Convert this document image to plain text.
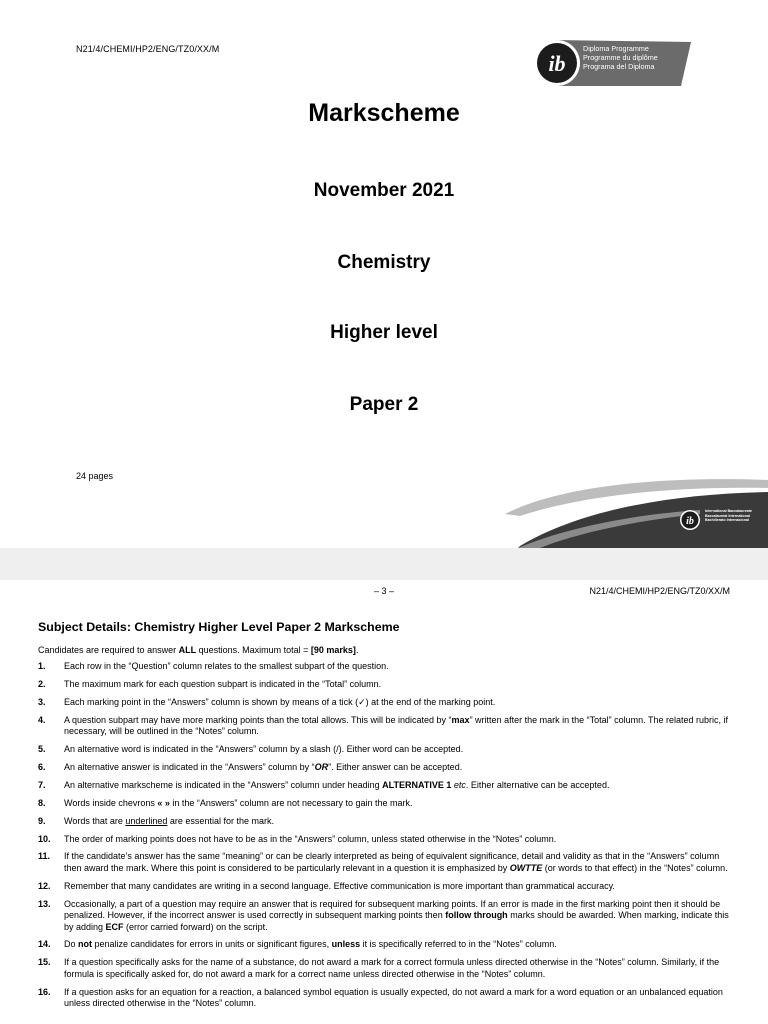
N21/4/CHEMI/HP2/ENG/TZ0/XX/M
ib
Diploma Programme
Programme du diplôme
Programa del Diploma
Markscheme
November 2021
Chemistry
Higher level
Paper 2
24 pages
ib
International Baccalaureate
Baccalauréat International
Bachillerato Internacional
– 3 –	N21/4/CHEMI/HP2/ENG/TZ0/XX/M
Subject Details: Chemistry Higher Level Paper 2 Markscheme
Candidates are required to answer ALL questions. Maximum total = [90 marks].
1. Each row in the “Question” column relates to the smallest subpart of the question.
2. The maximum mark for each question subpart is indicated in the “Total” column.
3. Each marking point in the “Answers” column is shown by means of a tick (✓) at the end of the marking point.
4. A question subpart may have more marking points than the total allows. This will be indicated by “max” written after the mark in the “Total” column. The related rubric, if necessary, will be outlined in the “Notes” column.
5. An alternative word is indicated in the “Answers” column by a slash (/). Either word can be accepted.
6. An alternative answer is indicated in the “Answers” column by “OR”. Either answer can be accepted.
7. An alternative markscheme is indicated in the “Answers” column under heading ALTERNATIVE 1 etc. Either alternative can be accepted.
8. Words inside chevrons « » in the “Answers” column are not necessary to gain the mark.
9. Words that are underlined are essential for the mark.
10. The order of marking points does not have to be as in the “Answers” column, unless stated otherwise in the “Notes” column.
11. If the candidate’s answer has the same “meaning” or can be clearly interpreted as being of equivalent significance, detail and validity as that in the “Answers” column then award the mark. Where this point is considered to be particularly relevant in a question it is emphasized by OWTTE (or words to that effect) in the “Notes” column.
12. Remember that many candidates are writing in a second language. Effective communication is more important than grammatical accuracy.
13. Occasionally, a part of a question may require an answer that is required for subsequent marking points. If an error is made in the first marking point then it should be penalized. However, if the incorrect answer is used correctly in subsequent marking points then follow through marks should be awarded. When marking, indicate this by adding ECF (error carried forward) on the script.
14. Do not penalize candidates for errors in units or significant figures, unless it is specifically referred to in the “Notes” column.
15. If a question specifically asks for the name of a substance, do not award a mark for a correct formula unless directed otherwise in the “Notes” column. Similarly, if the formula is specifically asked for, do not award a mark for a correct name unless directed otherwise in the “Notes” column.
16. If a question asks for an equation for a reaction, a balanced symbol equation is usually expected, do not award a mark for a word equation or an unbalanced equation unless directed otherwise in the “Notes” column.
